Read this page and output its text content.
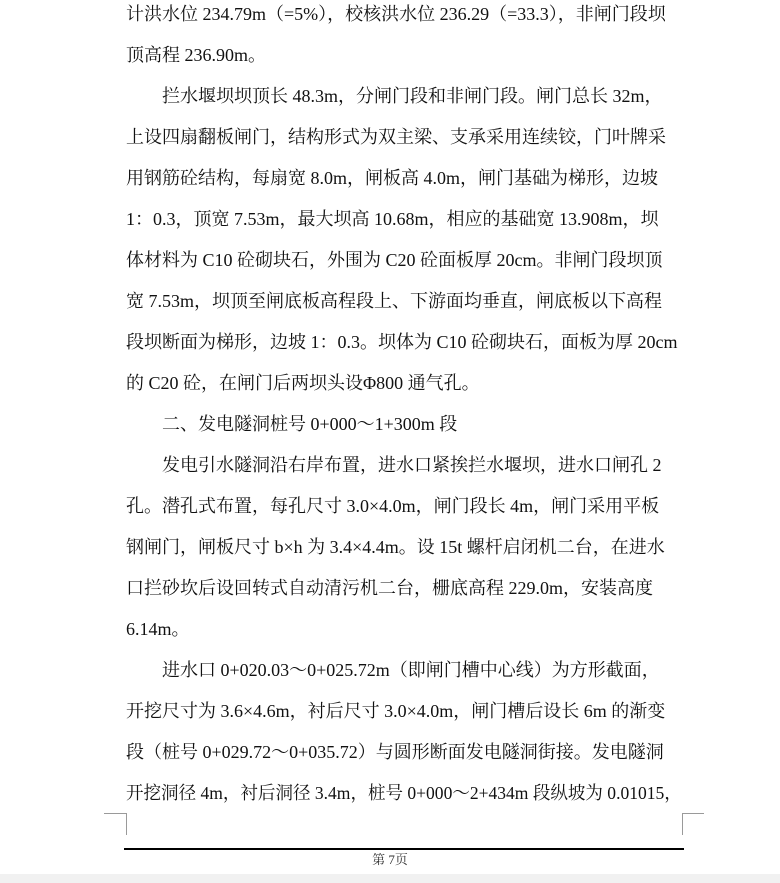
计洪水位 234.79m（=5%），校核洪水位 236.29（=33.3），非闸门段坝
顶高程 236.90m。
　　拦水堰坝坝顶长 48.3m，分闸门段和非闸门段。闸门总长 32m，
上设四扇翻板闸门，结构形式为双主梁、支承采用连续铰，门叶牌采
用钢筋砼结构，每扇宽 8.0m，闸板高 4.0m，闸门基础为梯形，边坡
1：0.3，顶宽 7.53m，最大坝高 10.68m，相应的基础宽 13.908m，坝
体材料为 C10 砼砌块石，外围为 C20 砼面板厚 20cm。非闸门段坝顶
宽 7.53m，坝顶至闸底板高程段上、下游面均垂直，闸底板以下高程
段坝断面为梯形，边坡 1：0.3。坝体为 C10 砼砌块石，面板为厚 20cm
的 C20 砼，在闸门后两坝头设Φ800 通气孔。
　　二、发电隧洞桩号 0+000～1+300m 段
　　发电引水隧洞沿右岸布置，进水口紧挨拦水堰坝，进水口闸孔 2
孔。潜孔式布置，每孔尺寸 3.0×4.0m，闸门段长 4m，闸门采用平板
钢闸门，闸板尺寸 b×h 为 3.4×4.4m。设 15t 螺杆启闭机二台，在进水
口拦砂坎后设回转式自动清污机二台，栅底高程 229.0m，安装高度
6.14m。
　　进水口 0+020.03～0+025.72m（即闸门槽中心线）为方形截面，
开挖尺寸为 3.6×4.6m，衬后尺寸 3.0×4.0m，闸门槽后设长 6m 的渐变
段（桩号 0+029.72～0+035.72）与圆形断面发电隧洞街接。发电隧洞
开挖洞径 4m，衬后洞径 3.4m，桩号 0+000～2+434m 段纵坡为 0.01015，
第 7页
